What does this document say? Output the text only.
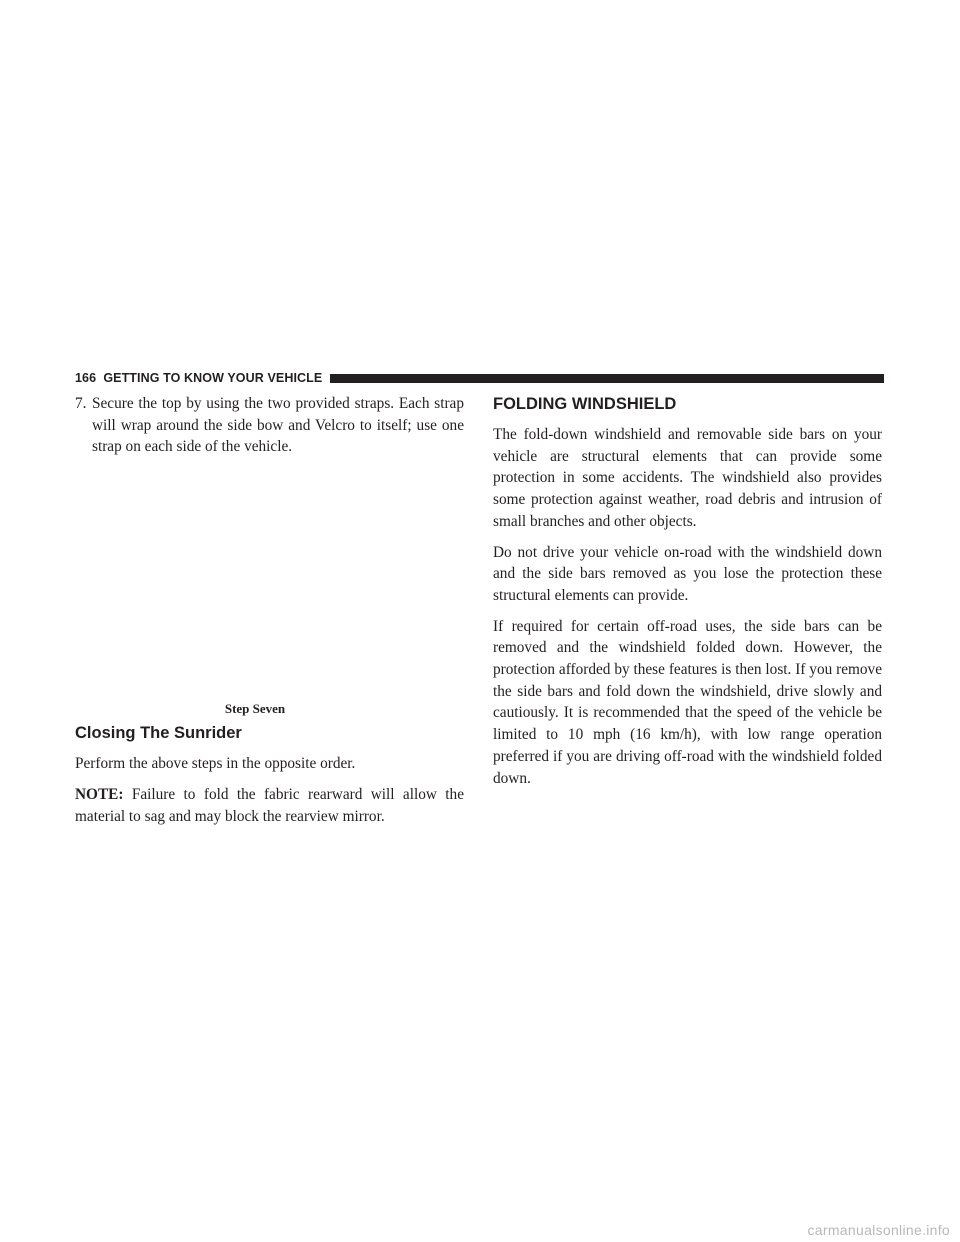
166
GETTING TO KNOW YOUR VEHICLE
7. Secure the top by using the two provided straps. Each strap will wrap around the side bow and Velcro to itself; use one strap on each side of the vehicle.
Step Seven
Closing The Sunrider

Perform the above steps in the opposite order.

NOTE: Failure to fold the fabric rearward will allow the material to sag and may block the rearview mirror.

FOLDING WINDSHIELD

The fold-down windshield and removable side bars on your vehicle are structural elements that can provide some protection in some accidents. The windshield also provides some protection against weather, road debris and intrusion of small branches and other objects.

Do not drive your vehicle on-road with the windshield down and the side bars removed as you lose the protection these structural elements can provide.

If required for certain off-road uses, the side bars can be removed and the windshield folded down. However, the protection afforded by these features is then lost. If you remove the side bars and fold down the windshield, drive slowly and cautiously. It is recommended that the speed of the vehicle be limited to 10 mph (16 km/h), with low range operation preferred if you are driving off-road with the windshield folded down.

carmanualsonline.info
